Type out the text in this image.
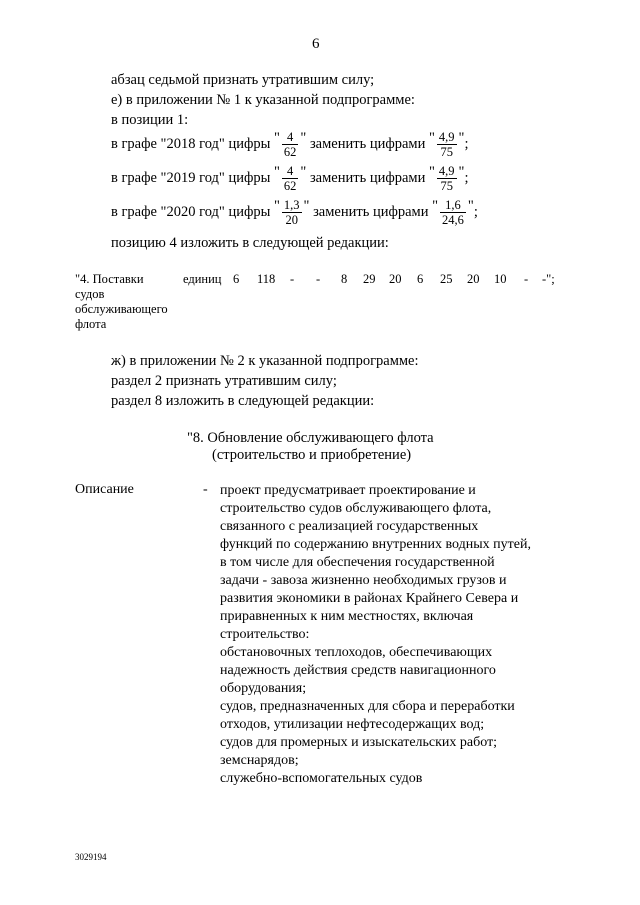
6
абзац седьмой признать утратившим силу;
е) в приложении № 1 к указанной подпрограмме:
в позиции 1:
в графе "2018 год" цифры " $\frac{4}{62}$ " заменить цифрами " $\frac{4,9}{75}$ ";
в графе "2019 год" цифры " $\frac{4}{62}$ " заменить цифрами " $\frac{4,9}{75}$ ";
в графе "2020 год" цифры " $\frac{1,3}{20}$ " заменить цифрами " $\frac{1,6}{24,6}$ ";
позицию 4 изложить в следующей редакции:
"4. Поставки
судов
обслуживающего
флота
единиц 6 118 - - 8 29 20 6 25 20 10 - -";
ж) в приложении № 2 к указанной подпрограмме:
раздел 2 признать утратившим силу;
раздел 8 изложить в следующей редакции:
"8. Обновление обслуживающего флота
(строительство и приобретение)
Описание	- проект предусматривает проектирование и
строительство судов обслуживающего флота,
связанного с реализацией государственных
функций по содержанию внутренних водных путей,
в том числе для обеспечения государственной
задачи - завоза жизненно необходимых грузов и
развития экономики в районах Крайнего Севера и
приравненных к ним местностях, включая
строительство:
обстановочных теплоходов, обеспечивающих
надежность действия средств навигационного
оборудования;
судов, предназначенных для сбора и переработки
отходов, утилизации нефтесодержащих вод;
судов для промерных и изыскательских работ;
земснарядов;
служебно-вспомогательных судов
3029194
